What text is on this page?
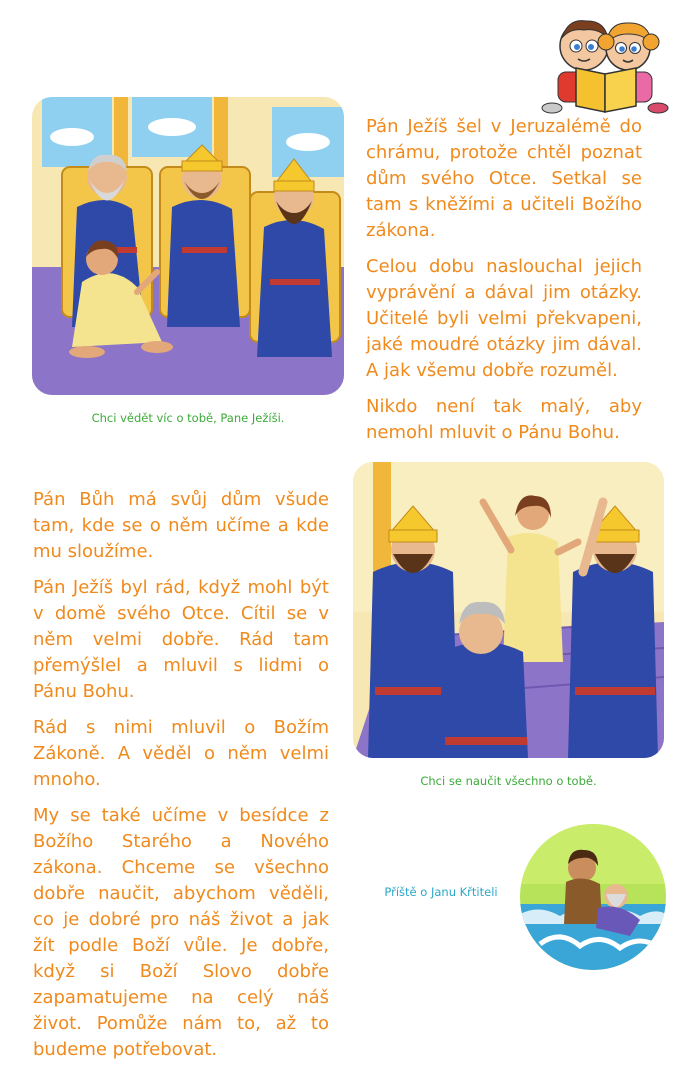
Chci vědět víc o tobě, Pane Ježíši.

Pán Ježíš šel v Jeruzalémě do chrámu, protože chtěl poznat dům svého Otce. Setkal se tam s kněžími a učiteli Božího zákona.

Celou dobu naslouchal jejich vyprávění a dával jim otázky. Učitelé byli velmi překvapeni, jaké moudré otázky jim dával. A jak všemu dobře rozuměl.

Nikdo není tak malý, aby nemohl mluvit o Pánu Bohu.

Pán Bůh má svůj dům všude tam, kde se o něm učíme a kde mu sloužíme.

Pán Ježíš byl rád, když mohl být v domě svého Otce. Cítil se v něm velmi dobře. Rád tam přemýšlel a mluvil s lidmi o Pánu Bohu.

Rád s nimi mluvil o Božím Zákoně. A věděl o něm velmi mnoho.

My se také učíme v besídce z Božího Starého a Nového zákona. Chceme se všechno dobře naučit, abychom věděli, co je dobré pro náš život a jak žít podle Boží vůle. Je dobře, když si Boží Slovo dobře zapamatujeme na celý náš život. Pomůže nám to, až to budeme potřebovat.

Chci se naučit všechno o tobě.
Příště o Janu Křtiteli
